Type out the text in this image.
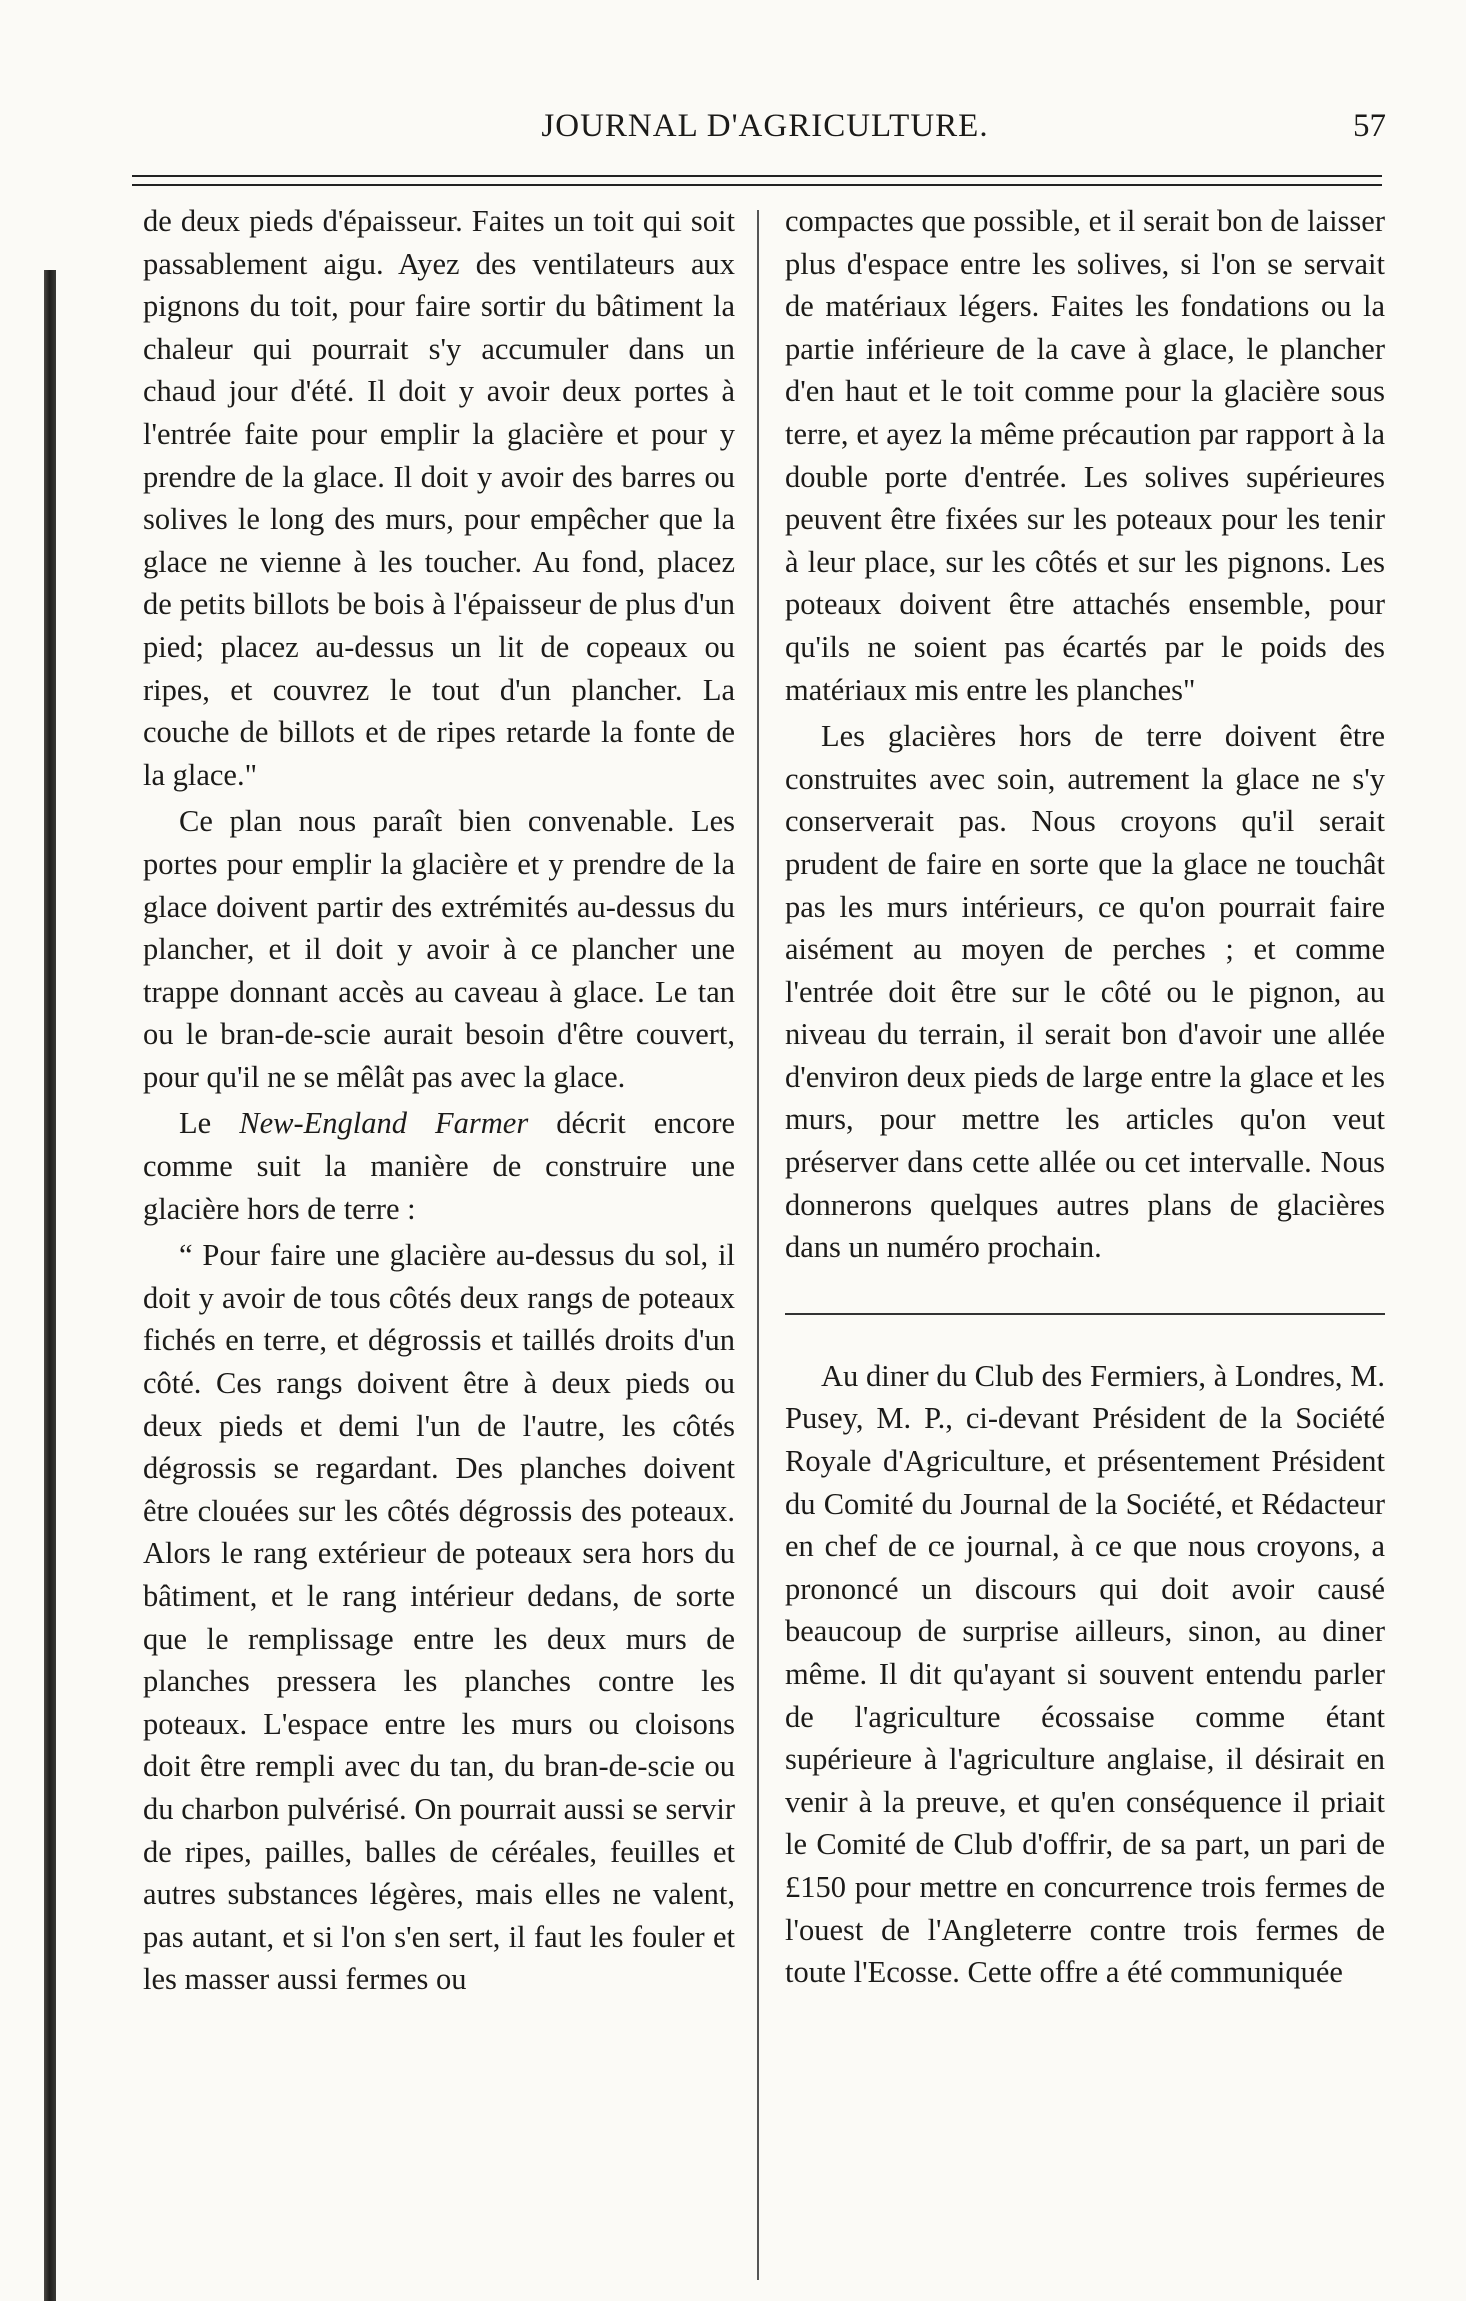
JOURNAL D'AGRICULTURE.	57

de deux pieds d'épaisseur. Faites un toit qui soit passablement aigu. Ayez des ventilateurs aux pignons du toit, pour faire sortir du bâtiment la chaleur qui pourrait s'y accumuler dans un chaud jour d'été. Il doit y avoir deux portes à l'entrée faite pour emplir la glacière et pour y prendre de la glace. Il doit y avoir des barres ou solives le long des murs, pour empêcher que la glace ne vienne à les toucher. Au fond, placez de petits billots be bois à l'épaisseur de plus d'un pied; placez au-dessus un lit de copeaux ou ripes, et couvrez le tout d'un plancher. La couche de billots et de ripes retarde la fonte de la glace."

Ce plan nous paraît bien convenable. Les portes pour emplir la glacière et y prendre de la glace doivent partir des extrémités au-dessus du plancher, et il doit y avoir à ce plancher une trappe donnant accès au caveau à glace. Le tan ou le bran-de-scie aurait besoin d'être couvert, pour qu'il ne se mêlât pas avec la glace.

Le New-England Farmer décrit encore comme suit la manière de construire une glacière hors de terre :

“ Pour faire une glacière au-dessus du sol, il doit y avoir de tous côtés deux rangs de poteaux fichés en terre, et dégrossis et taillés droits d'un côté. Ces rangs doivent être à deux pieds ou deux pieds et demi l'un de l'autre, les côtés dégrossis se regardant. Des planches doivent être clouées sur les côtés dégrossis des poteaux. Alors le rang extérieur de poteaux sera hors du bâtiment, et le rang intérieur dedans, de sorte que le remplissage entre les deux murs de planches pressera les planches contre les poteaux. L'espace entre les murs ou cloisons doit être rempli avec du tan, du bran-de-scie ou du charbon pulvérisé. On pourrait aussi se servir de ripes, pailles, balles de céréales, feuilles et autres substances légères, mais elles ne valent, pas autant, et si l'on s'en sert, il faut les fouler et les masser aussi fermes ou

compactes que possible, et il serait bon de laisser plus d'espace entre les solives, si l'on se servait de matériaux légers. Faites les fondations ou la partie inférieure de la cave à glace, le plancher d'en haut et le toit comme pour la glacière sous terre, et ayez la même précaution par rapport à la double porte d'entrée. Les solives supérieures peuvent être fixées sur les poteaux pour les tenir à leur place, sur les côtés et sur les pignons. Les poteaux doivent être attachés ensemble, pour qu'ils ne soient pas écartés par le poids des matériaux mis entre les planches"

Les glacières hors de terre doivent être construites avec soin, autrement la glace ne s'y conserverait pas. Nous croyons qu'il serait prudent de faire en sorte que la glace ne touchât pas les murs intérieurs, ce qu'on pourrait faire aisément au moyen de perches ; et comme l'entrée doit être sur le côté ou le pignon, au niveau du terrain, il serait bon d'avoir une allée d'environ deux pieds de large entre la glace et les murs, pour mettre les articles qu'on veut préserver dans cette allée ou cet intervalle. Nous donnerons quelques autres plans de glacières dans un numéro prochain.

Au diner du Club des Fermiers, à Londres, M. Pusey, M. P., ci-devant Président de la Société Royale d'Agriculture, et présentement Président du Comité du Journal de la Société, et Rédacteur en chef de ce journal, à ce que nous croyons, a prononcé un discours qui doit avoir causé beaucoup de surprise ailleurs, sinon, au diner même. Il dit qu'ayant si souvent entendu parler de l'agriculture écossaise comme étant supérieure à l'agriculture anglaise, il désirait en venir à la preuve, et qu'en conséquence il priait le Comité de Club d'offrir, de sa part, un pari de £150 pour mettre en concurrence trois fermes de l'ouest de l'Angleterre contre trois fermes de toute l'Ecosse. Cette offre a été communiquée
